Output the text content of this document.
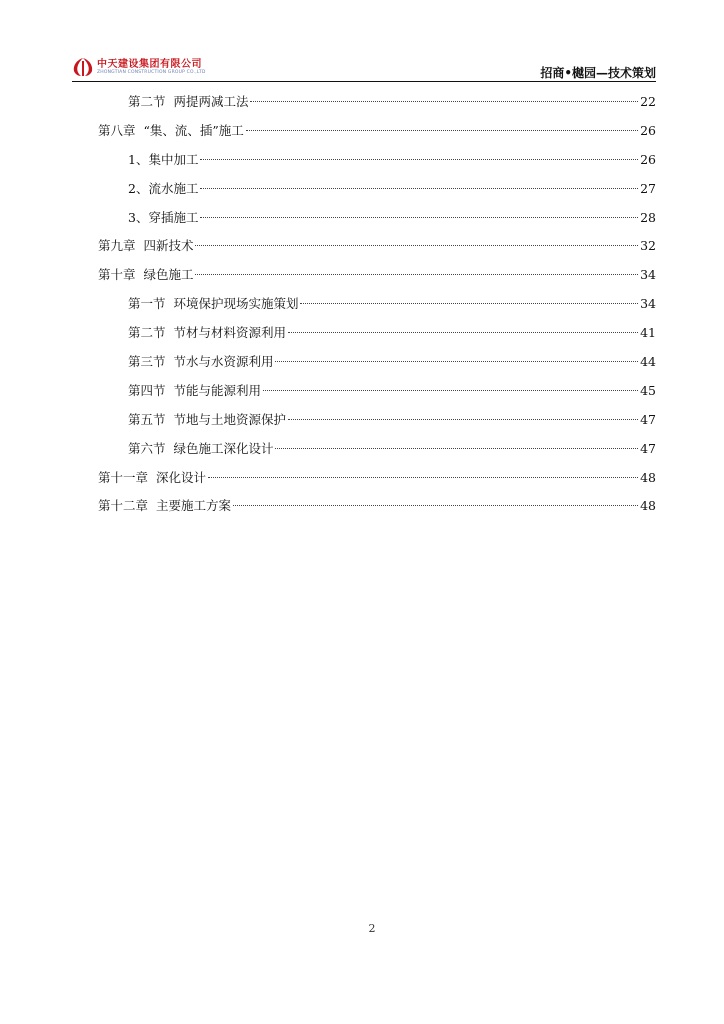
中天建设集团有限公司
ZHONGTIAN CONSTRUCTION GROUP CO.,LTD	招商•樾园—技术策划
第二节  两提两减工法	22
第八章  “集、流、插”施工	26
1、集中加工	26
2、流水施工	27
3、穿插施工	28
第九章  四新技术	32
第十章  绿色施工	34
第一节  环境保护现场实施策划	34
第二节  节材与材料资源利用	41
第三节  节水与水资源利用	44
第四节  节能与能源利用	45
第五节  节地与土地资源保护	47
第六节  绿色施工深化设计	47
第十一章  深化设计	48
第十二章  主要施工方案	48
2
